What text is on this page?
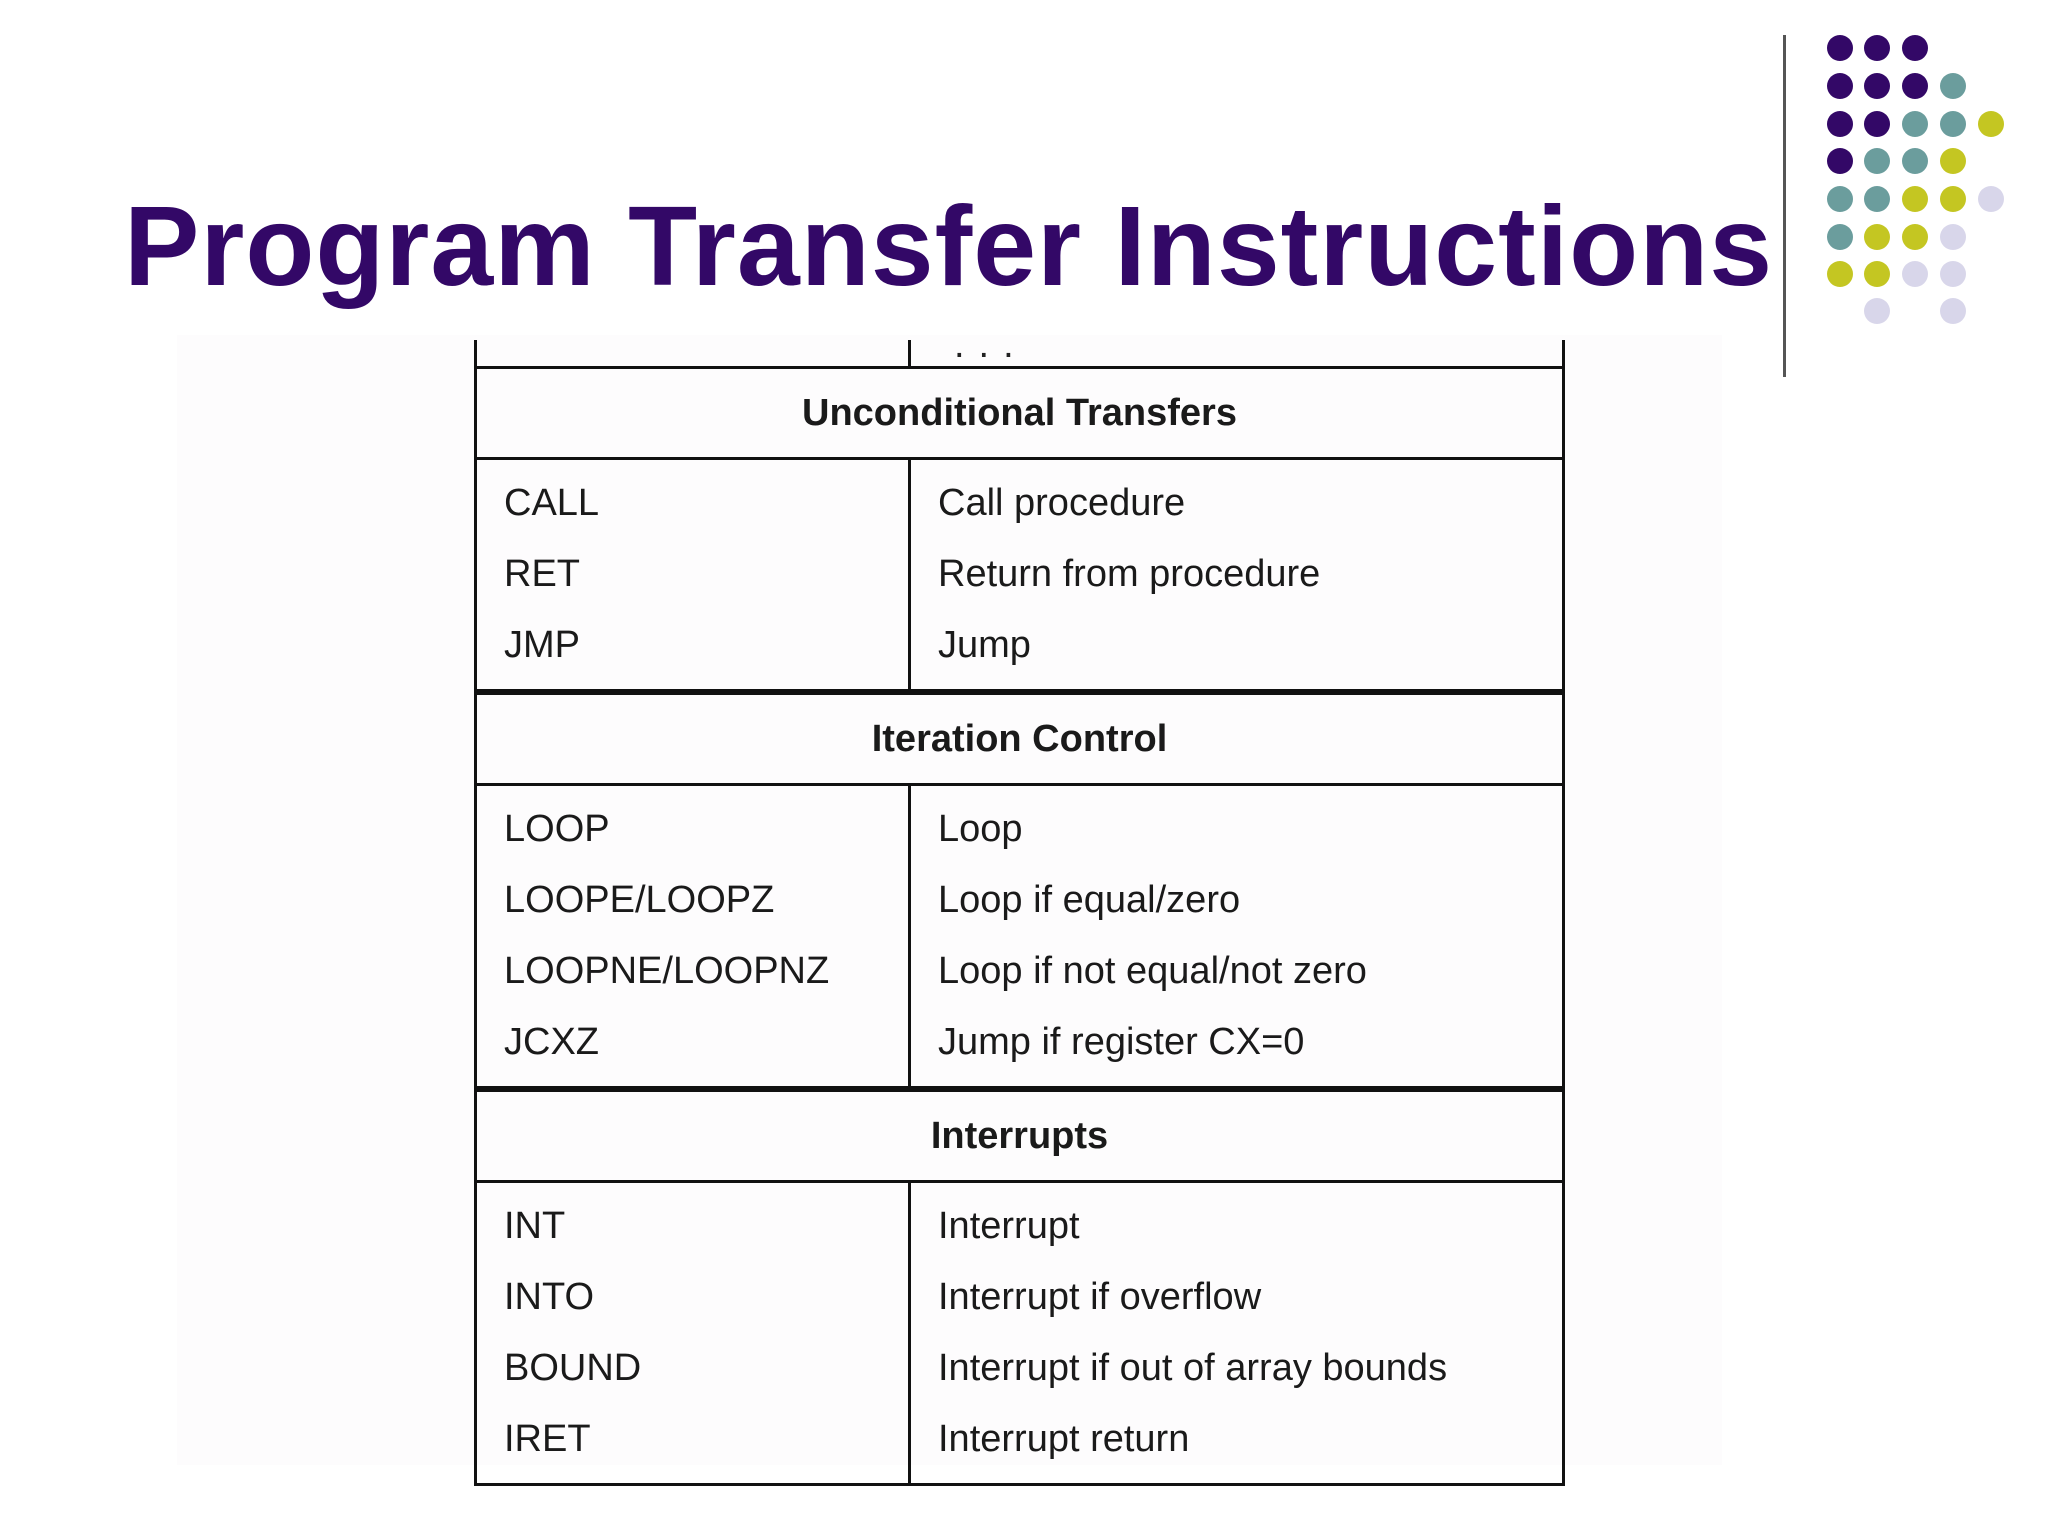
Program Transfer Instructions
...
Unconditional Transfers
CALL
RET
JMP
Call procedure
Return from procedure
Jump
Iteration Control
LOOP
LOOPE/LOOPZ
LOOPNE/LOOPNZ
JCXZ
Loop
Loop if equal/zero
Loop if not equal/not zero
Jump if register CX=0
Interrupts
INT
INTO
BOUND
IRET
Interrupt
Interrupt if overflow
Interrupt if out of array bounds
Interrupt return
